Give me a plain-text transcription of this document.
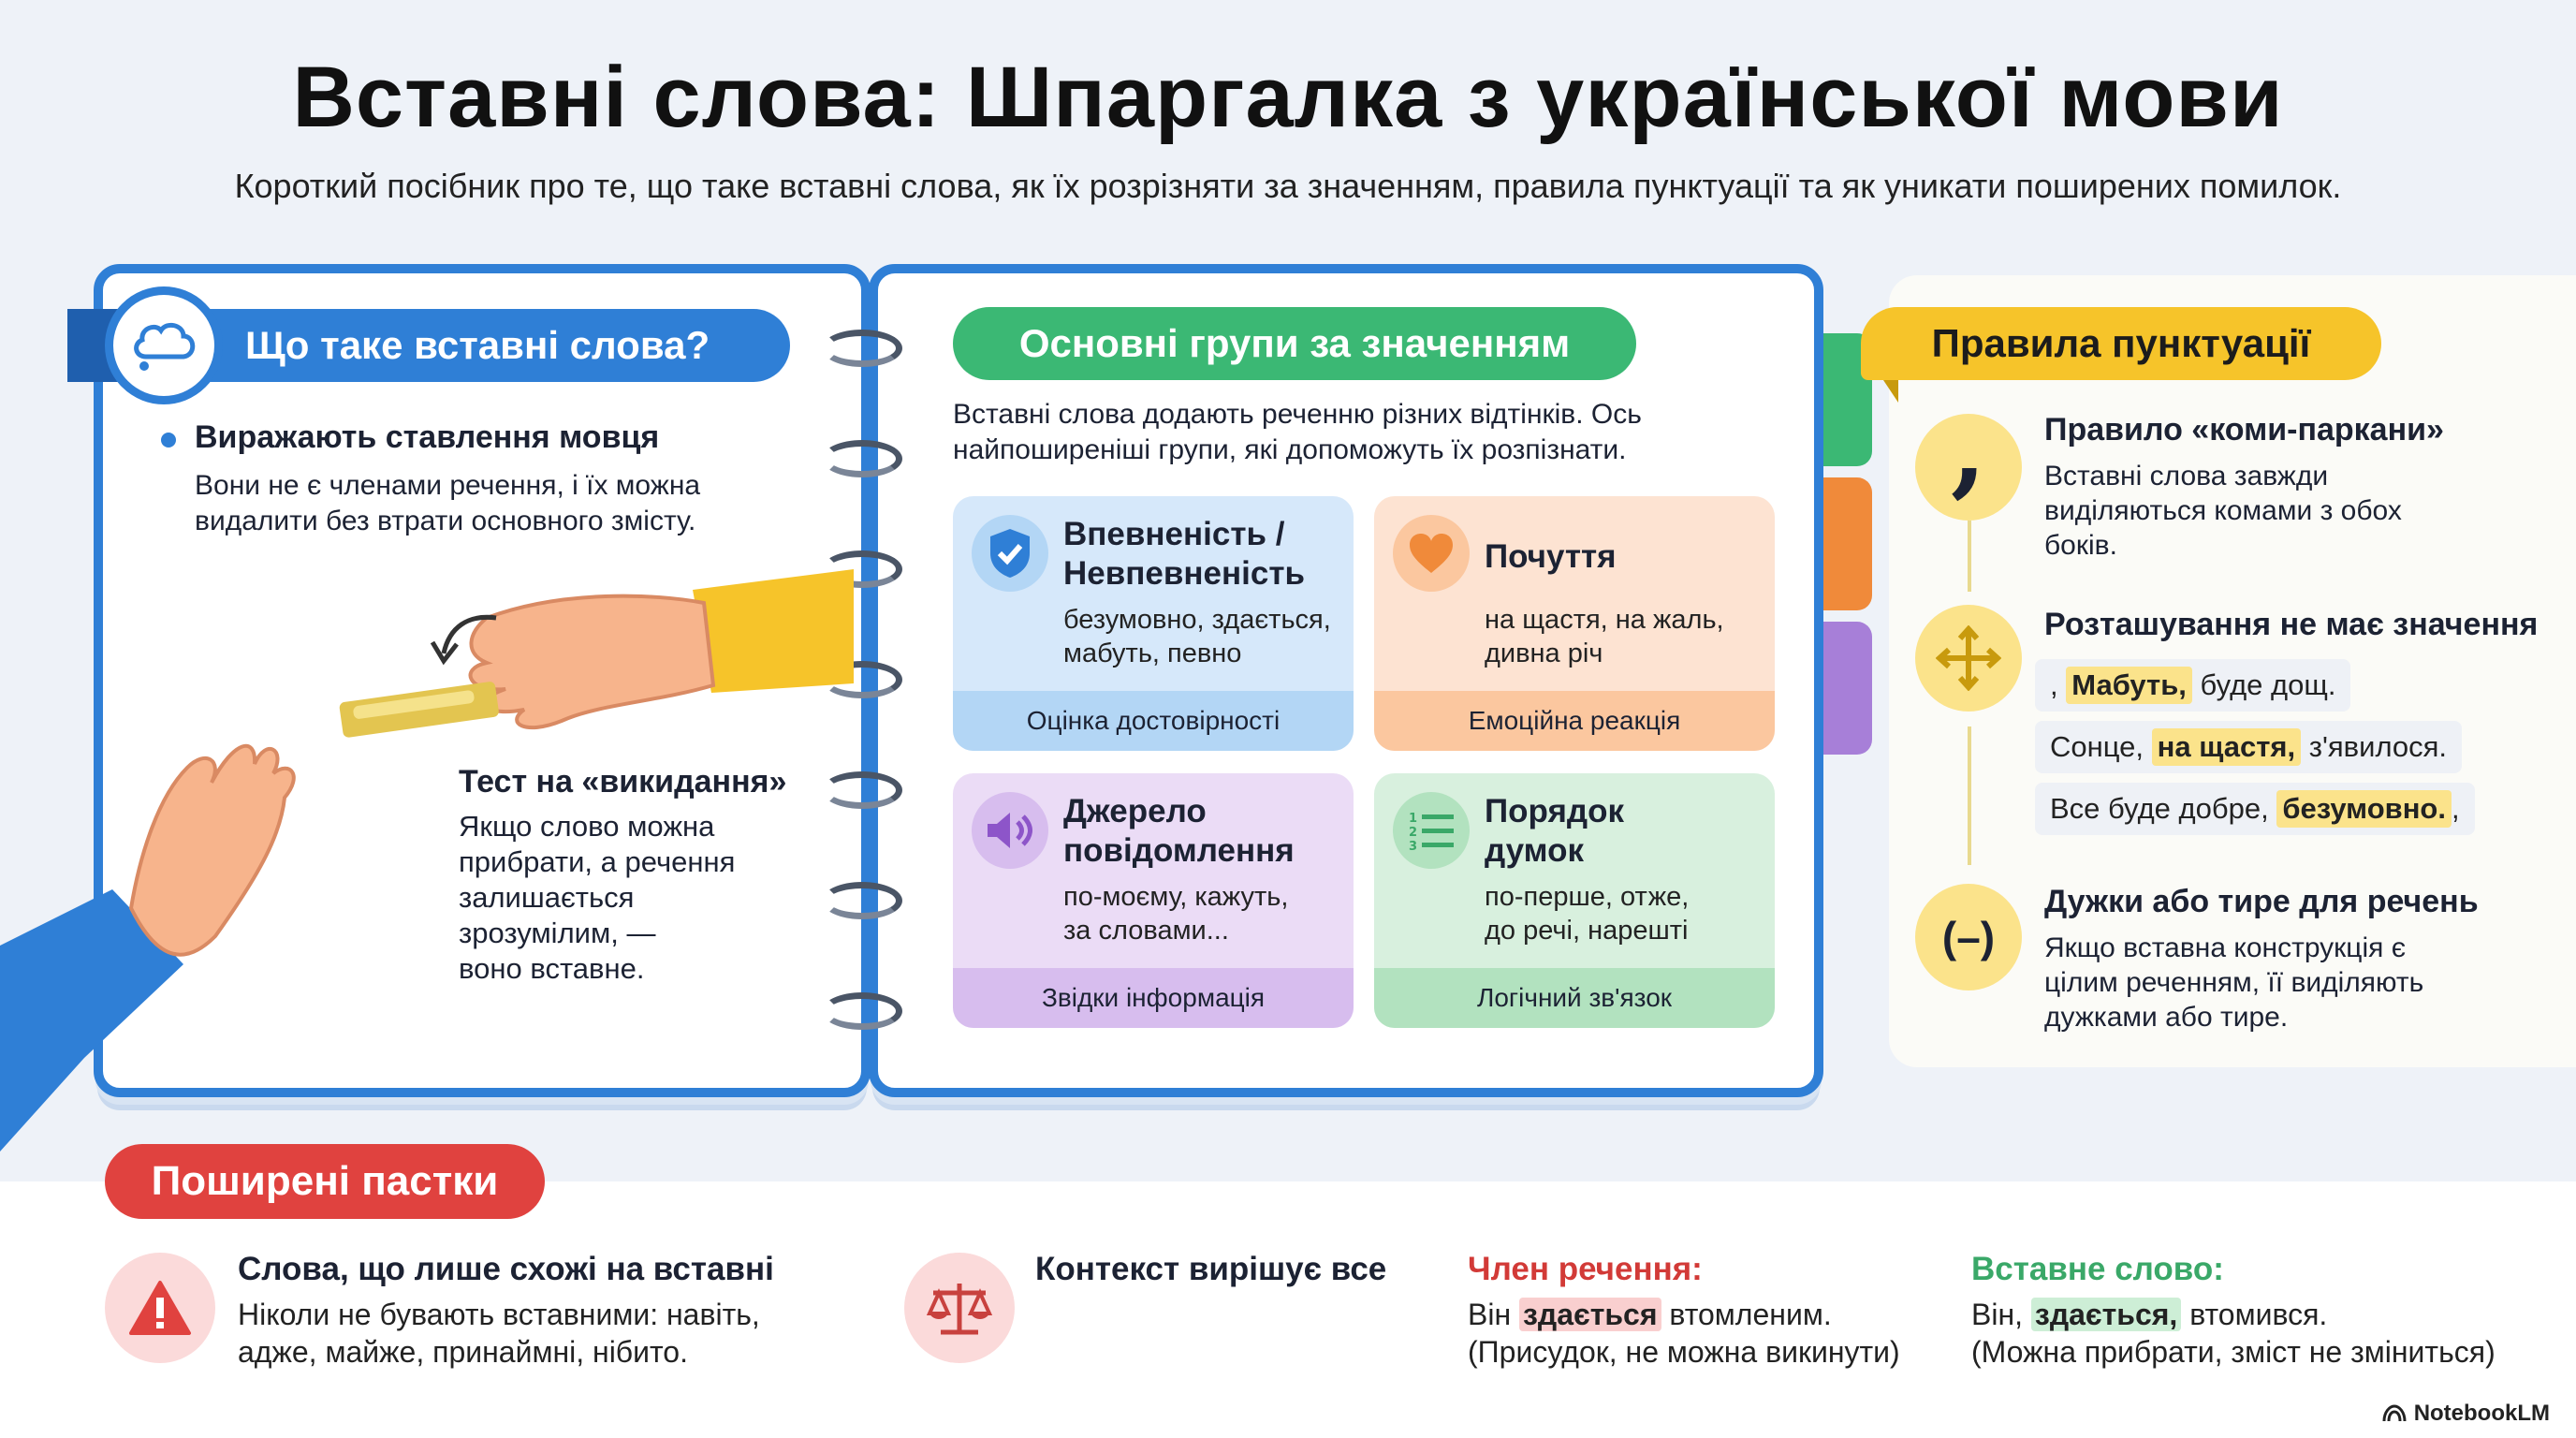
Вставні слова: Шпаргалка з української мови
Короткий посібник про те, що таке вставні слова, як їх розрізняти за значенням, правила пунктуації та як уникати поширених помилок.
Що таке вставні слова?
Виражають ставлення мовця
Вони не є членами речення, і їх можна
видалити без втрати основного змісту.
Тест на «викидання»
Якщо слово можна
прибрати, а речення
залишається
зрозумілим, —
воно вставне.
Основні групи за значенням
Вставні слова додають реченню різних відтінків. Ось
найпоширеніші групи, які допоможуть їх розпізнати.
Впевненість /
Невпевненість
безумовно, здається,
мабуть, певно
Оцінка достовірності
Почуття
на щастя, на жаль,
дивна річ
Емоційна реакція
Джерело
повідомлення
по-моєму, кажуть,
за словами...
Звідки інформація
1
2
3
Порядок
думок
по-перше, отже,
до речі, нарешті
Логічний зв'язок
Правила пунктуації
, Правило «коми-паркани»
Вставні слова завжди
виділяються комами з обох
боків.
Розташування не має значення
,
Мабуть,
буде дощ.
Сонце,
на щастя,
з'явилося.
Все буде добре,
безумовно. ,
(–)
Дужки або тире для речень
Якщо вставна конструкція є
цілим реченням, її виділяють
дужками або тире.
Поширені пастки
Слова, що лише схожі на вставні
Ніколи не бувають вставними: навіть,
адже, майже, принаймні, нібито.
Контекст вирішує все Член речення:
Він здається втомленим.
(Присудок, не можна викинути)
Вставне слово:
Він, здається, втомився.
(Можна прибрати, зміст не зміниться)
NotebookLM
